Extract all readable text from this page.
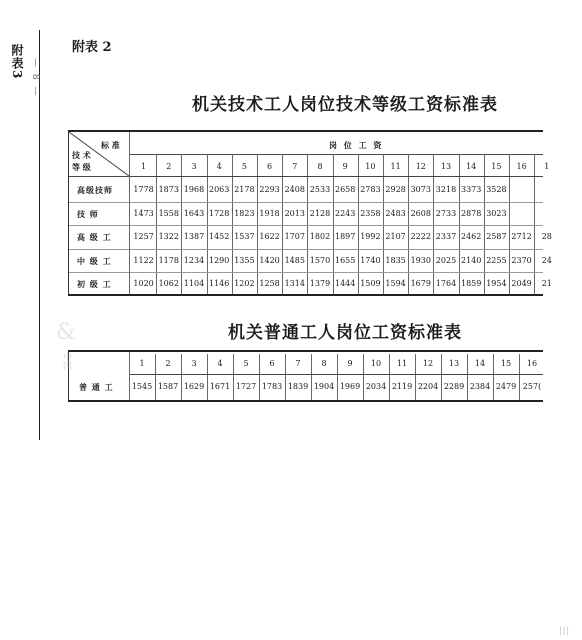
附表3 — 8 —
附表 2
机关技术工人岗位技术等级工资标准表
标 准
技 术
等 级
岗 位 工 资
1	2	3	4	5	6	7	8	9	10	11	12	13	14	15	16	1
高级技师	1778 1873 1968 2063 2178 2293 2408 2533 2658 2783 2928 3073 3218 3373 3528
技 师	1473 1558 1643 1728 1823 1918 2013 2128 2243 2358 2483 2608 2733 2878 3023
高 级 工	1257 1322 1387 1452 1537 1622 1707 1802 1897 1992 2107 2222 2337 2462 2587 2712	28
中 级 工	1122 1178 1234 1290 1355 1420 1485 1570 1655 1740 1835 1930 2025 2140 2255 2370	24
初 级 工	1020 1062 1104 1146 1202 1258 1314 1379 1444 1509 1594 1679 1764 1859 1954 2049	21
机关普通工人岗位工资标准表
1	2	3	4	5	6	7	8	9	10	11	12	13	14	15	16
普 通 工	1545 1587 1629 1671 1727 1783 1839 1904 1969 2034 2119 2204 2289 2384 2479 257(
&
中国
|||
